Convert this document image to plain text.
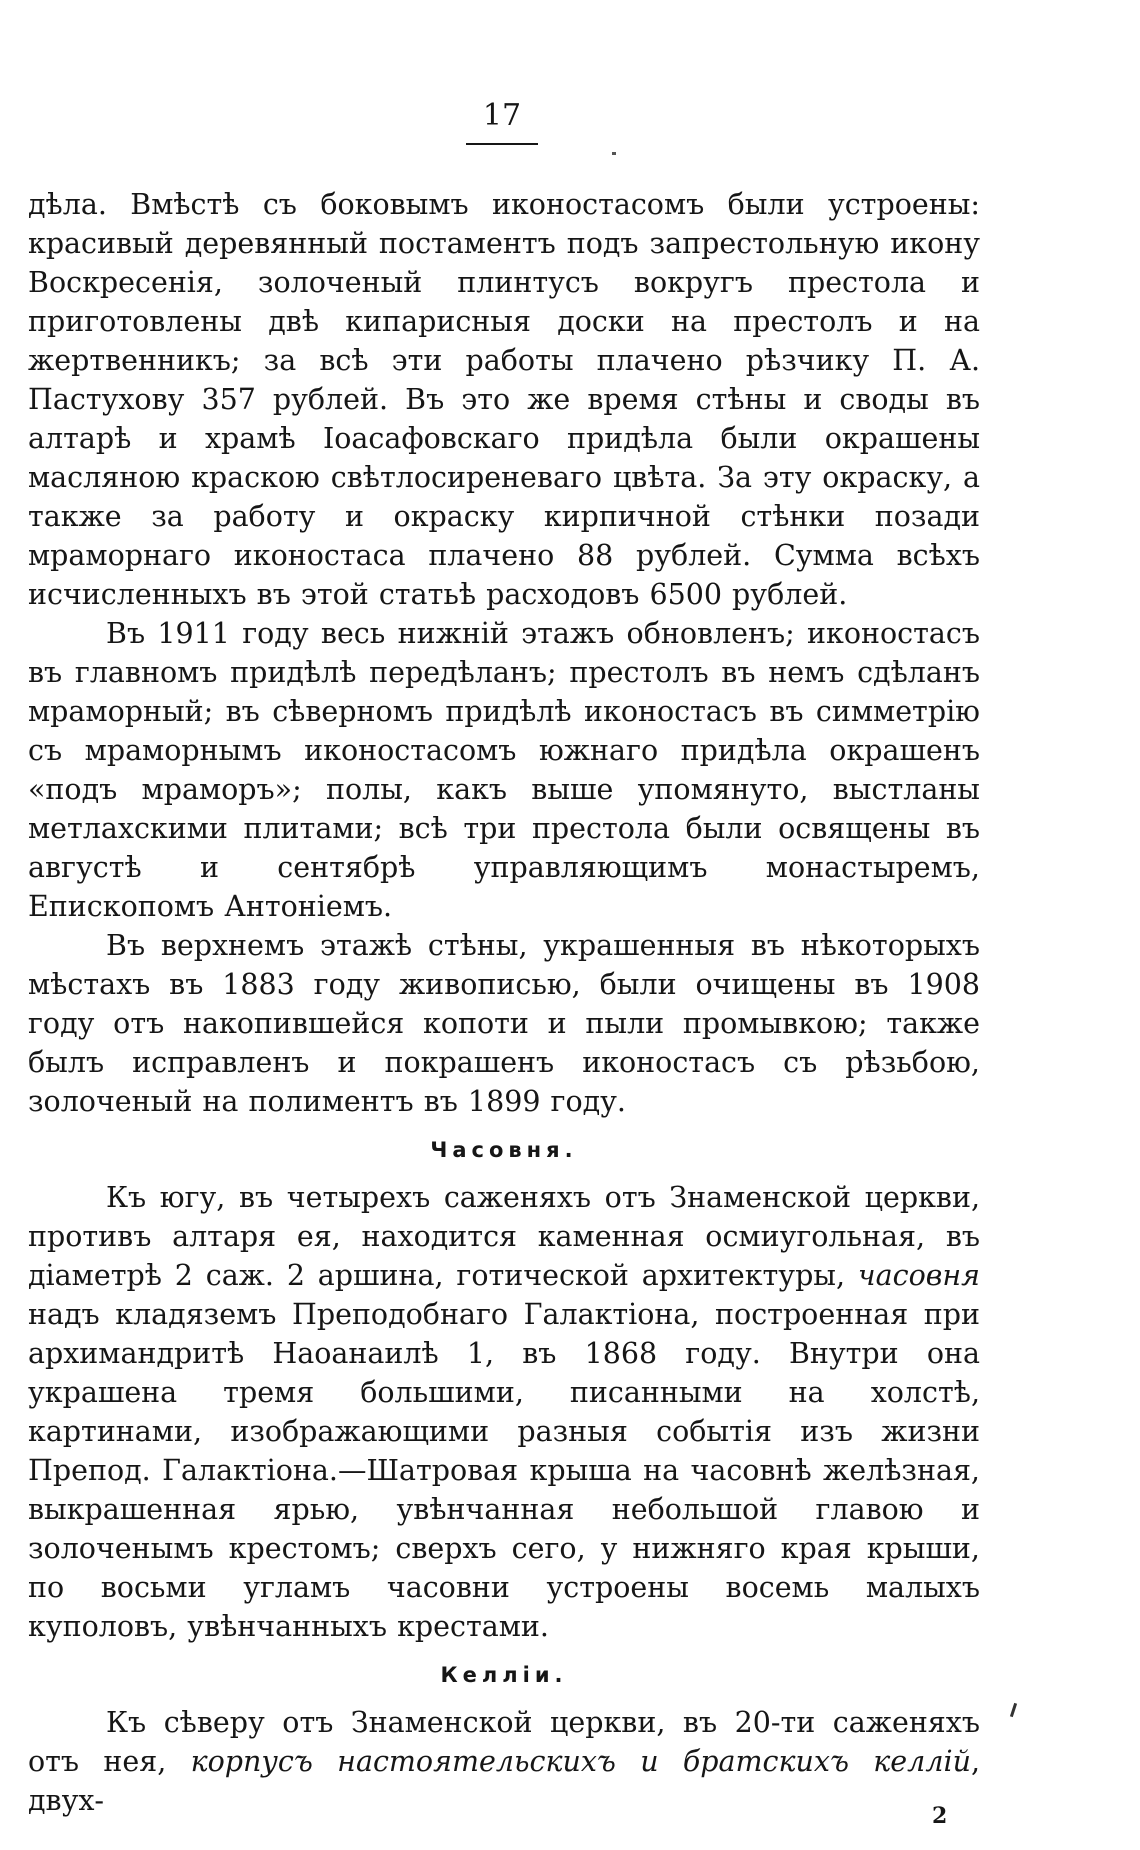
17

дѣла. Вмѣстѣ съ боковымъ иконостасомъ были устроены: красивый деревянный постаментъ подъ запрестольную икону Воскресенія, золоченый плинтусъ вокругъ престола и приготовлены двѣ кипарисныя доски на престолъ и на жертвенникъ; за всѣ эти работы плачено рѣзчику П. А. Пастухову 357 рублей. Въ это же время стѣны и своды въ алтарѣ и храмѣ Іоасафовскаго придѣла были окрашены масляною краскою свѣтлосиреневаго цвѣта. За эту окраску, а также за работу и окраску кирпичной стѣнки позади мраморнаго иконостаса плачено 88 рублей. Сумма всѣхъ исчисленныхъ въ этой статьѣ расходовъ 6500 рублей.

Въ 1911 году весь нижній этажъ обновленъ; иконостасъ въ главномъ придѣлѣ передѣланъ; престолъ въ немъ сдѣланъ мраморный; въ сѣверномъ придѣлѣ иконостасъ въ симметрію съ мраморнымъ иконостасомъ южнаго придѣла окрашенъ «подъ мраморъ»; полы, какъ выше упомянуто, выстланы метлахскими плитами; всѣ три престола были освящены въ августѣ и сентябрѣ управляющимъ монастыремъ, Епископомъ Антоніемъ.

Въ верхнемъ этажѣ стѣны, украшенныя въ нѣкоторыхъ мѣстахъ въ 1883 году живописью, были очищены въ 1908 году отъ накопившейся копоти и пыли промывкою; также былъ исправленъ и покрашенъ иконостасъ съ рѣзьбою, золоченый на полиментъ въ 1899 году.

Часовня.

Къ югу, въ четырехъ саженяхъ отъ Знаменской церкви, противъ алтаря ея, находится каменная осмиугольная, въ діаметрѣ 2 саж. 2 аршина, готической архитектуры, часовня надъ кладяземъ Преподобнаго Галактіона, построенная при архимандритѣ Наоанаилѣ 1, въ 1868 году. Внутри она украшена тремя большими, писанными на холстѣ, картинами, изображающими разныя событія изъ жизни Препод. Галактіона.—Шатровая крыша на часовнѣ желѣзная, выкрашенная ярью, увѣнчанная небольшой главою и золоченымъ крестомъ; сверхъ сего, у нижняго края крыши, по восьми угламъ часовни устроены восемь малыхъ куполовъ, увѣнчанныхъ крестами.

Келліи.

Къ сѣверу отъ Знаменской церкви, въ 20-ти саженяхъ отъ нея, корпусъ настоятельскихъ и братскихъ келлій, двух-	2
